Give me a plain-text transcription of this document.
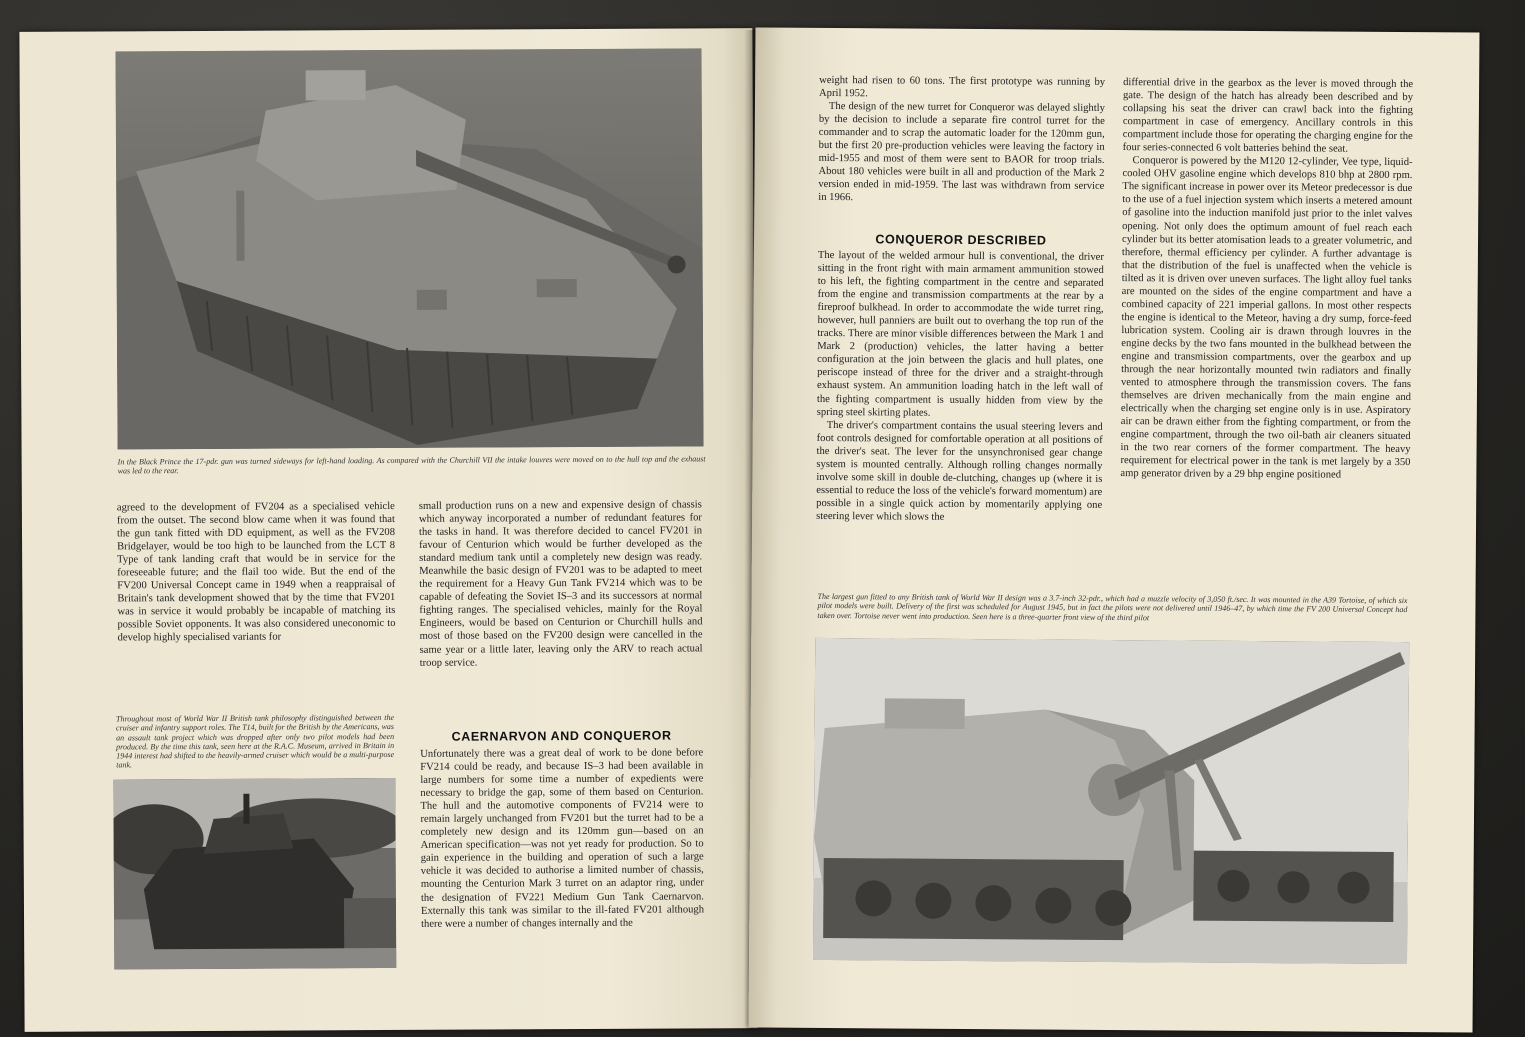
In the Black Prince the 17-pdr. gun was turned sideways for left-hand loading. As compared with the Churchill VII the intake louvres were moved on to the hull top and the exhaust was led to the rear.
agreed to the development of FV204 as a specialised vehicle from the outset. The second blow came when it was found that the gun tank fitted with DD equipment, as well as the FV208 Bridgelayer, would be too high to be launched from the LCT 8 Type of tank landing craft that would be in service for the foreseeable future; and the flail too wide. But the end of the FV200 Universal Concept came in 1949 when a reappraisal of Britain's tank development showed that by the time that FV201 was in service it would probably be incapable of matching its possible Soviet opponents. It was also considered uneconomic to develop highly specialised variants for
small production runs on a new and expensive design of chassis which anyway incorporated a number of redundant features for the tasks in hand. It was therefore decided to cancel FV201 in favour of Centurion which would be further developed as the standard medium tank until a completely new design was ready. Meanwhile the basic design of FV201 was to be adapted to meet the requirement for a Heavy Gun Tank FV214 which was to be capable of defeating the Soviet IS–3 and its successors at normal fighting ranges. The specialised vehicles, mainly for the Royal Engineers, would be based on Centurion or Churchill hulls and most of those based on the FV200 design were cancelled in the same year or a little later, leaving only the ARV to reach actual troop service.
Throughout most of World War II British tank philosophy distinguished between the cruiser and infantry support roles. The T14, built for the British by the Americans, was an assault tank project which was dropped after only two pilot models had been produced. By the time this tank, seen here at the R.A.C. Museum, arrived in Britain in 1944 interest had shifted to the heavily-armed cruiser which would be a multi-purpose tank.
CAERNARVON AND CONQUEROR
Unfortunately there was a great deal of work to be done before FV214 could be ready, and because IS–3 had been available in large numbers for some time a number of expedients were necessary to bridge the gap, some of them based on Centurion. The hull and the automotive components of FV214 were to remain largely unchanged from FV201 but the turret had to be a completely new design and its 120mm gun—based on an American specification—was not yet ready for production. So to gain experience in the building and operation of such a large vehicle it was decided to authorise a limited number of chassis, mounting the Centurion Mark 3 turret on an adaptor ring, under the designation of FV221 Medium Gun Tank Caernarvon. Externally this tank was similar to the ill-fated FV201 although there were a number of changes internally and the

weight had risen to 60 tons. The first prototype was running by April 1952.

The design of the new turret for Conqueror was delayed slightly by the decision to include a separate fire control turret for the commander and to scrap the automatic loader for the 120mm gun, but the first 20 pre-production vehicles were leaving the factory in mid-1955 and most of them were sent to BAOR for troop trials. About 180 vehicles were built in all and production of the Mark 2 version ended in mid-1959. The last was withdrawn from service in 1966.

CONQUEROR DESCRIBED

The layout of the welded armour hull is conventional, the driver sitting in the front right with main armament ammunition stowed to his left, the fighting compartment in the centre and separated from the engine and transmission compartments at the rear by a fireproof bulkhead. In order to accommodate the wide turret ring, however, hull panniers are built out to overhang the top run of the tracks. There are minor visible differences between the Mark 1 and Mark 2 (production) vehicles, the latter having a better configuration at the join between the glacis and hull plates, one periscope instead of three for the driver and a straight-through exhaust system. An ammunition loading hatch in the left wall of the fighting compartment is usually hidden from view by the spring steel skirting plates.

The driver's compartment contains the usual steering levers and foot controls designed for comfortable operation at all positions of the driver's seat. The lever for the unsynchronised gear change system is mounted centrally. Although rolling changes normally involve some skill in double de-clutching, changes up (where it is essential to reduce the loss of the vehicle's forward momentum) are possible in a single quick action by momentarily applying one steering lever which slows the

differential drive in the gearbox as the lever is moved through the gate. The design of the hatch has already been described and by collapsing his seat the driver can crawl back into the fighting compartment in case of emergency. Ancillary controls in this compartment include those for operating the charging engine for the four series-connected 6 volt batteries behind the seat.

Conqueror is powered by the M120 12-cylinder, Vee type, liquid-cooled OHV gasoline engine which develops 810 bhp at 2800 rpm. The significant increase in power over its Meteor predecessor is due to the use of a fuel injection system which inserts a metered amount of gasoline into the induction manifold just prior to the inlet valves opening. Not only does the optimum amount of fuel reach each cylinder but its better atomisation leads to a greater volumetric, and therefore, thermal efficiency per cylinder. A further advantage is that the distribution of the fuel is unaffected when the vehicle is tilted as it is driven over uneven surfaces. The light alloy fuel tanks are mounted on the sides of the engine compartment and have a combined capacity of 221 imperial gallons. In most other respects the engine is identical to the Meteor, having a dry sump, force-feed lubrication system. Cooling air is drawn through louvres in the engine decks by the two fans mounted in the bulkhead between the engine and transmission compartments, over the gearbox and up through the near horizontally mounted twin radiators and finally vented to atmosphere through the transmission covers. The fans themselves are driven mechanically from the main engine and electrically when the charging set engine only is in use. Aspiratory air can be drawn either from the fighting compartment, or from the engine compartment, through the two oil-bath air cleaners situated in the two rear corners of the former compartment. The heavy requirement for electrical power in the tank is met largely by a 350 amp generator driven by a 29 bhp engine positioned

The largest gun fitted to any British tank of World War II design was a 3.7-inch 32-pdr., which had a muzzle velocity of 3,050 ft./sec. It was mounted in the A39 Tortoise, of which six pilot models were built. Delivery of the first was scheduled for August 1945, but in fact the pilots were not delivered until 1946–47, by which time the FV 200 Universal Concept had taken over. Tortoise never went into production. Seen here is a three-quarter front view of the third pilot
